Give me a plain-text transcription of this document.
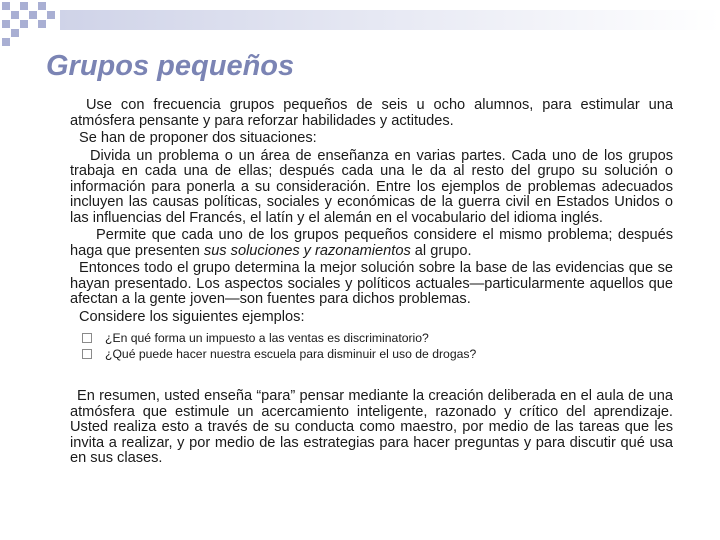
Grupos pequeños

Use con frecuencia grupos pequeños de seis u ocho alumnos, para estimular una atmósfera pensante y para reforzar habilidades y actitudes.

Se han de proponer dos situaciones:

Divida un problema o un área de enseñanza en varias partes. Cada uno de los grupos trabaja en cada una de ellas; después cada una le da al resto del grupo su solución o información para ponerla a su consideración. Entre los ejemplos de problemas adecuados incluyen las causas políticas, sociales y económicas de la guerra civil en Estados Unidos o las influencias del Francés, el latín y el alemán en el vocabulario del idioma inglés.

Permite que cada uno de los grupos pequeños considere el mismo problema; después haga que presenten sus soluciones y razonamientos al grupo.

Entonces todo el grupo determina la mejor solución sobre la base de las evidencias que se hayan presentado. Los aspectos sociales y políticos actuales—particularmente aquellos que afectan a la gente joven—son fuentes para dichos problemas.

Considere los siguientes ejemplos:

¿En qué forma un impuesto a las ventas es discriminatorio?
¿Qué puede hacer nuestra escuela para disminuir el uso de drogas?

En resumen, usted enseña “para” pensar mediante la creación deliberada en el aula de una atmósfera que estimule un acercamiento inteligente, razonado y crítico del aprendizaje. Usted realiza esto a través de su conducta como maestro, por medio de las tareas que les invita a realizar, y por medio de las estrategias para hacer preguntas y para discutir qué usa en sus clases.
